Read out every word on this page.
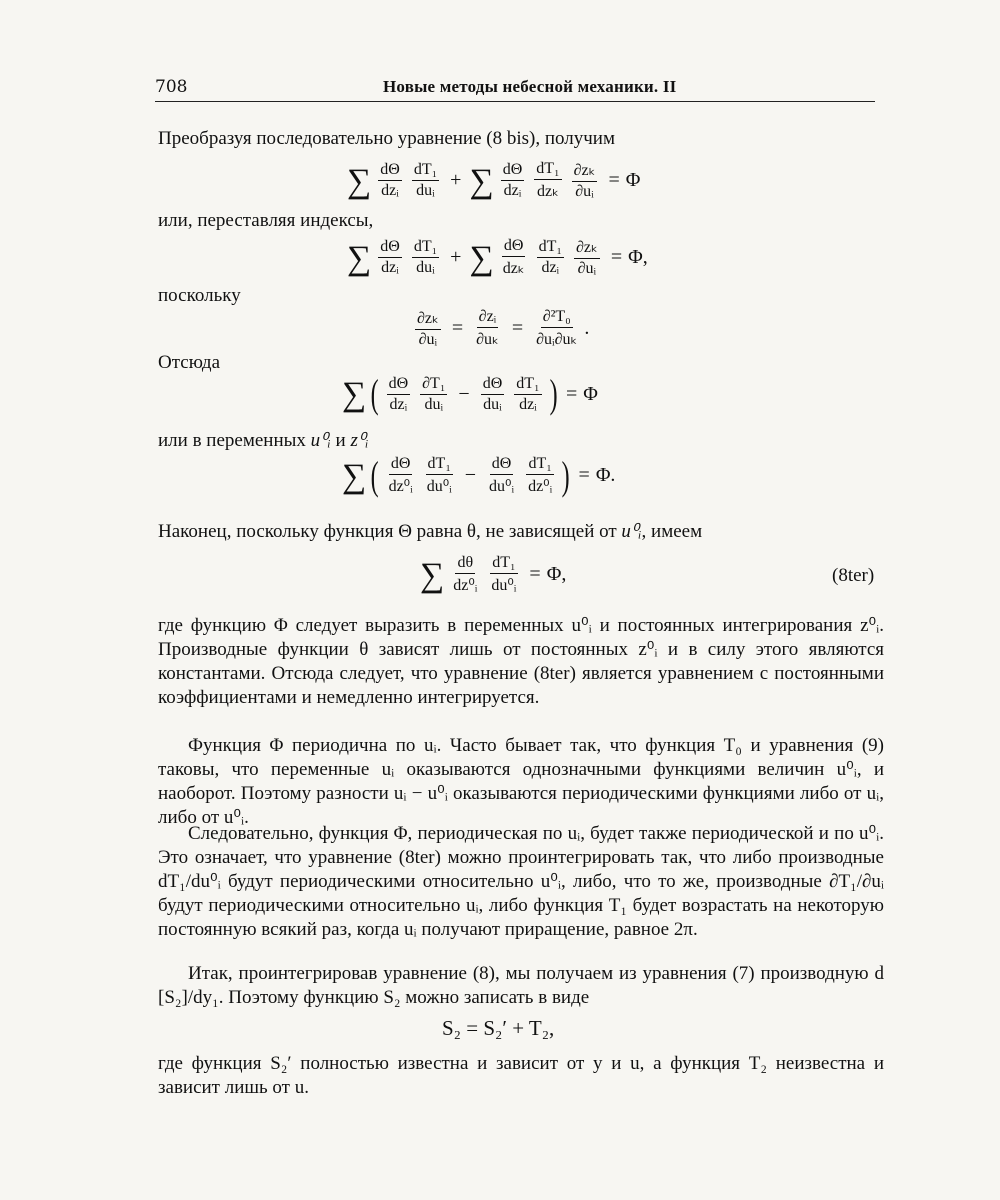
708	Новые методы небесной механики. II
Преобразуя последовательно уравнение (8 bis), получим
∑ $\frac{d\Theta}{\text{dzᵢ}} \frac{\text{dT₁}}{\text{duᵢ}}$ + ∑ $\frac{d\Theta}{\text{dzᵢ}} \frac{\text{dT₁}}{\text{dzₖ}} \frac{\text{∂zₖ}}{\text{∂uᵢ}} = \Phi$
или, переставляя индексы,
∑ $\frac{d\Theta}{\text{dzᵢ}} \frac{\text{dT₁}}{\text{duᵢ}}$ + ∑ $\frac{d\Theta}{\text{dzₖ}} \frac{\text{dT₁}}{\text{dzᵢ}} \frac{\text{∂zₖ}}{\text{∂uᵢ}} = \Phi$,
поскольку
$\frac{\text{∂zₖ}}{\text{∂uᵢ}} = \frac{\text{∂zᵢ}}{\text{∂uₖ}} = \frac{\text{∂²T₀}}{\text{∂uᵢ∂uₖ}}$ .
Отсюда
∑ ( $\frac{d\Theta}{\text{dzᵢ}} \frac{\text{∂T₁}}{\text{duᵢ}} - \frac{d\Theta}{\text{duᵢ}} \frac{\text{dT₁}}{\text{dzᵢ}}$ ) = Φ
или в переменных u⁰ᵢ и z⁰ᵢ
∑ ( $\frac{d\Theta}{\text{dz⁰ᵢ}} \frac{\text{dT₁}}{\text{du⁰ᵢ}} - \frac{d\Theta}{\text{du⁰ᵢ}} \frac{\text{dT₁}}{\text{dz⁰ᵢ}}$ ) = Φ.
Наконец, поскольку функция Θ равна θ, не зависящей от u⁰ᵢ, имеем
∑ $\frac{d\theta}{\text{dz⁰ᵢ}} \frac{\text{dT₁}}{\text{du⁰ᵢ}} = \Phi$,	(8ter)

где функцию Φ следует выразить в переменных u⁰ᵢ и постоянных интегрирования z⁰ᵢ. Производные функции θ зависят лишь от постоянных z⁰ᵢ и в силу этого являются константами. Отсюда следует, что уравнение (8ter) является уравнением с постоянными коэффициентами и немедленно интегрируется.

Функция Φ периодична по uᵢ. Часто бывает так, что функция T₀ и уравнения (9) таковы, что переменные uᵢ оказываются однозначными функциями величин u⁰ᵢ, и наоборот. Поэтому разности uᵢ − u⁰ᵢ оказываются периодическими функциями либо от uᵢ, либо от u⁰ᵢ.

Следовательно, функция Φ, периодическая по uᵢ, будет также периодической и по u⁰ᵢ. Это означает, что уравнение (8ter) можно проинтегрировать так, что либо производные dT₁/du⁰ᵢ будут периодическими относительно u⁰ᵢ, либо, что то же, производные ∂T₁/∂uᵢ будут периодическими относительно uᵢ, либо функция T₁ будет возрастать на некоторую постоянную всякий раз, когда uᵢ получают приращение, равное 2π.

Итак, проинтегрировав уравнение (8), мы получаем из уравнения (7) производную d [S₂]/dy₁. Поэтому функцию S₂ можно записать в виде

S₂ = S₂′ + T₂,

где функция S₂′ полностью известна и зависит от y и u, а функция T₂ неизвестна и зависит лишь от u.
